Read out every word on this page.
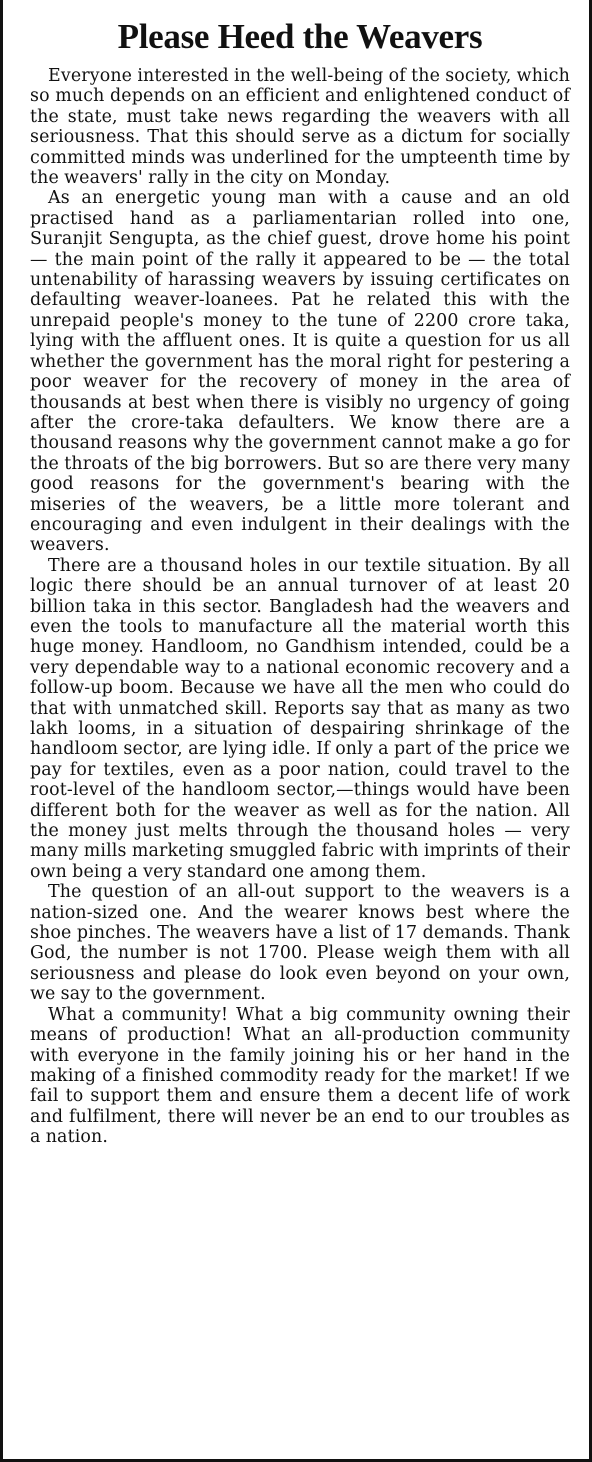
Please Heed the Weavers

Everyone interested in the well-being of the society, which so much depends on an efficient and enlightened conduct of the state, must take news regarding the weavers with all seriousness. That this should serve as a dictum for socially committed minds was underlined for the umpteenth time by the weavers' rally in the city on Monday.

As an energetic young man with a cause and an old practised hand as a parliamentarian rolled into one, Suranjit Sengupta, as the chief guest, drove home his point — the main point of the rally it appeared to be — the total untenability of harassing weavers by issuing certificates on defaulting weaver-loanees. Pat he related this with the unrepaid people's money to the tune of 2200 crore taka, lying with the affluent ones. It is quite a question for us all whether the government has the moral right for pestering a poor weaver for the recovery of money in the area of thousands at best when there is visibly no urgency of going after the crore-taka defaulters. We know there are a thousand reasons why the government cannot make a go for the throats of the big borrowers. But so are there very many good reasons for the government's bearing with the miseries of the weavers, be a little more tolerant and encouraging and even indulgent in their dealings with the weavers.

There are a thousand holes in our textile situation. By all logic there should be an annual turnover of at least 20 billion taka in this sector. Bangladesh had the weavers and even the tools to manufacture all the material worth this huge money. Handloom, no Gandhism intended, could be a very dependable way to a national economic recovery and a follow-up boom. Because we have all the men who could do that with unmatched skill. Reports say that as many as two lakh looms, in a situation of despairing shrinkage of the handloom sector, are lying idle. If only a part of the price we pay for textiles, even as a poor nation, could travel to the root-level of the handloom sector,—things would have been different both for the weaver as well as for the nation. All the money just melts through the thousand holes — very many mills marketing smuggled fabric with imprints of their own being a very standard one among them.

The question of an all-out support to the weavers is a nation-sized one. And the wearer knows best where the shoe pinches. The weavers have a list of 17 demands. Thank God, the number is not 1700. Please weigh them with all seriousness and please do look even beyond on your own, we say to the government.

What a community! What a big community owning their means of production! What an all-production community with everyone in the family joining his or her hand in the making of a finished commodity ready for the market! If we fail to support them and ensure them a decent life of work and fulfilment, there will never be an end to our troubles as a nation.
